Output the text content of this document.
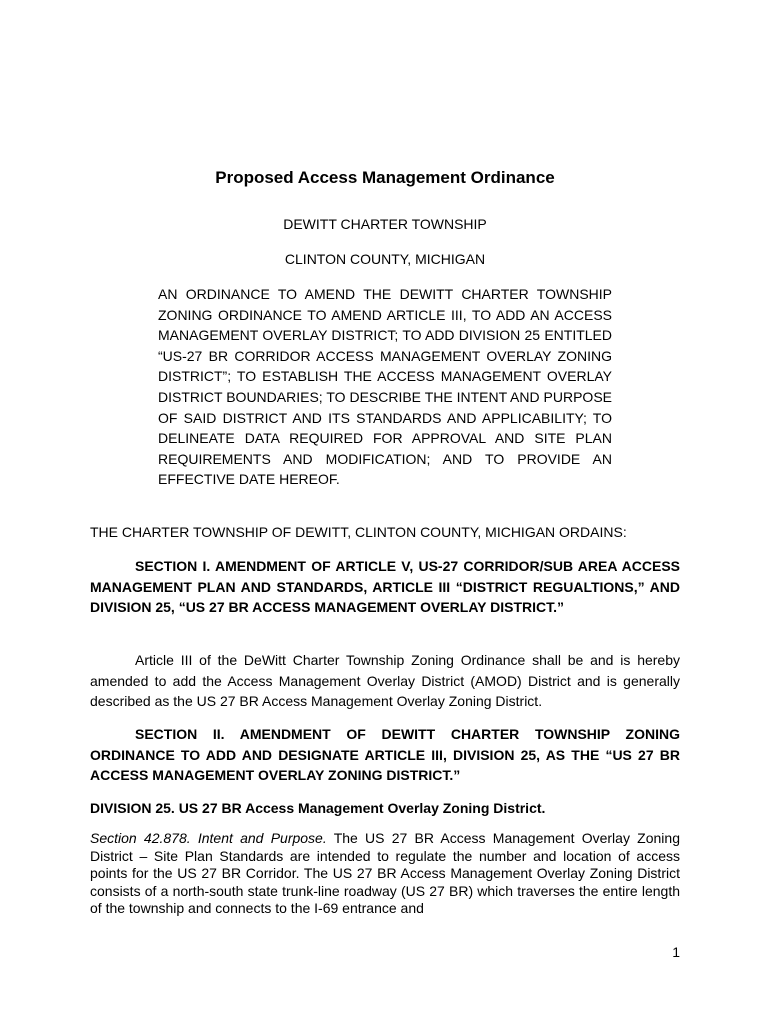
Proposed Access Management Ordinance

DEWITT CHARTER TOWNSHIP

CLINTON COUNTY, MICHIGAN

AN ORDINANCE TO AMEND THE DEWITT CHARTER TOWNSHIP ZONING ORDINANCE TO AMEND ARTICLE III, TO ADD AN ACCESS MANAGEMENT OVERLAY DISTRICT; TO ADD DIVISION 25 ENTITLED “US-27 BR CORRIDOR ACCESS MANAGEMENT OVERLAY ZONING DISTRICT”; TO ESTABLISH THE ACCESS MANAGEMENT OVERLAY DISTRICT BOUNDARIES; TO DESCRIBE THE INTENT AND PURPOSE OF SAID DISTRICT AND ITS STANDARDS AND APPLICABILITY; TO DELINEATE DATA REQUIRED FOR APPROVAL AND SITE PLAN REQUIREMENTS AND MODIFICATION; AND TO PROVIDE AN EFFECTIVE DATE HEREOF.

THE CHARTER TOWNSHIP OF DEWITT, CLINTON COUNTY, MICHIGAN ORDAINS:

SECTION I. AMENDMENT OF ARTICLE V, US-27 CORRIDOR/SUB AREA ACCESS MANAGEMENT PLAN AND STANDARDS, ARTICLE III “DISTRICT REGUALTIONS,” AND DIVISION 25, “US 27 BR ACCESS MANAGEMENT OVERLAY DISTRICT.”

Article III of the DeWitt Charter Township Zoning Ordinance shall be and is hereby amended to add the Access Management Overlay District (AMOD) District and is generally described as the US 27 BR Access Management Overlay Zoning District.

SECTION II. AMENDMENT OF DEWITT CHARTER TOWNSHIP ZONING ORDINANCE TO ADD AND DESIGNATE ARTICLE III, DIVISION 25, AS THE “US 27 BR ACCESS MANAGEMENT OVERLAY ZONING DISTRICT.”

DIVISION 25. US 27 BR Access Management Overlay Zoning District.

Section 42.878. Intent and Purpose. The US 27 BR Access Management Overlay Zoning District – Site Plan Standards are intended to regulate the number and location of access points for the US 27 BR Corridor. The US 27 BR Access Management Overlay Zoning District consists of a north-south state trunk-line roadway (US 27 BR) which traverses the entire length of the township and connects to the I-69 entrance and

1
